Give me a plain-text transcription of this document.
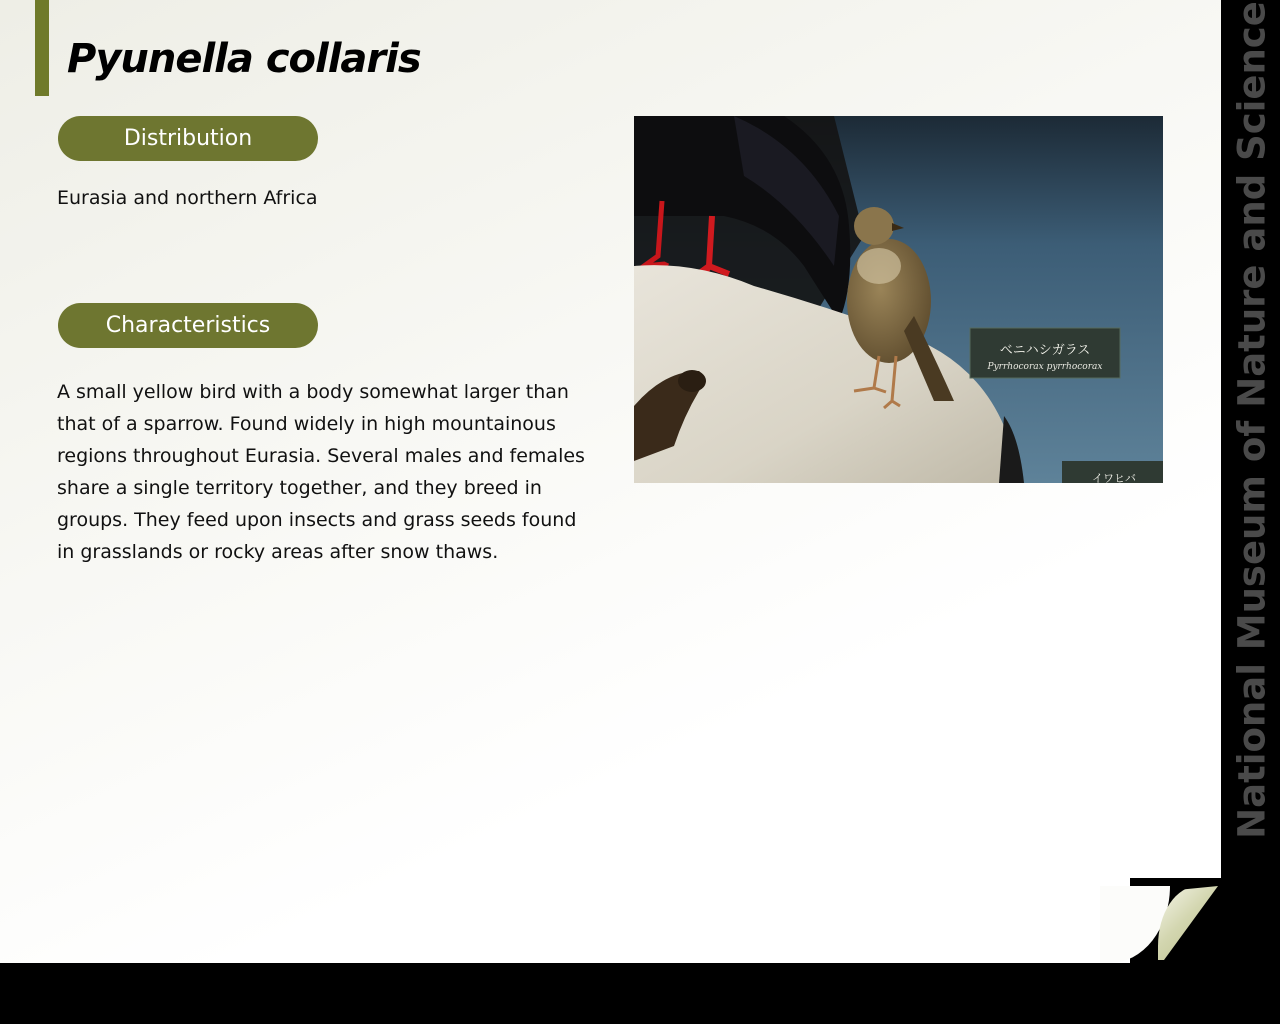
Pyunella collaris
Distribution
Eurasia and northern Africa
Characteristics
A small yellow bird with a body somewhat larger than that of a sparrow. Found widely in high mountainous regions throughout Eurasia. Several males and females share a single territory together, and they breed in groups. They feed upon insects and grass seeds found in grasslands or rocky areas after snow thaws.
ベニハシガラス
Pyrrhocorax pyrrhocorax
イワヒバ	National Museum of Nature and Science
